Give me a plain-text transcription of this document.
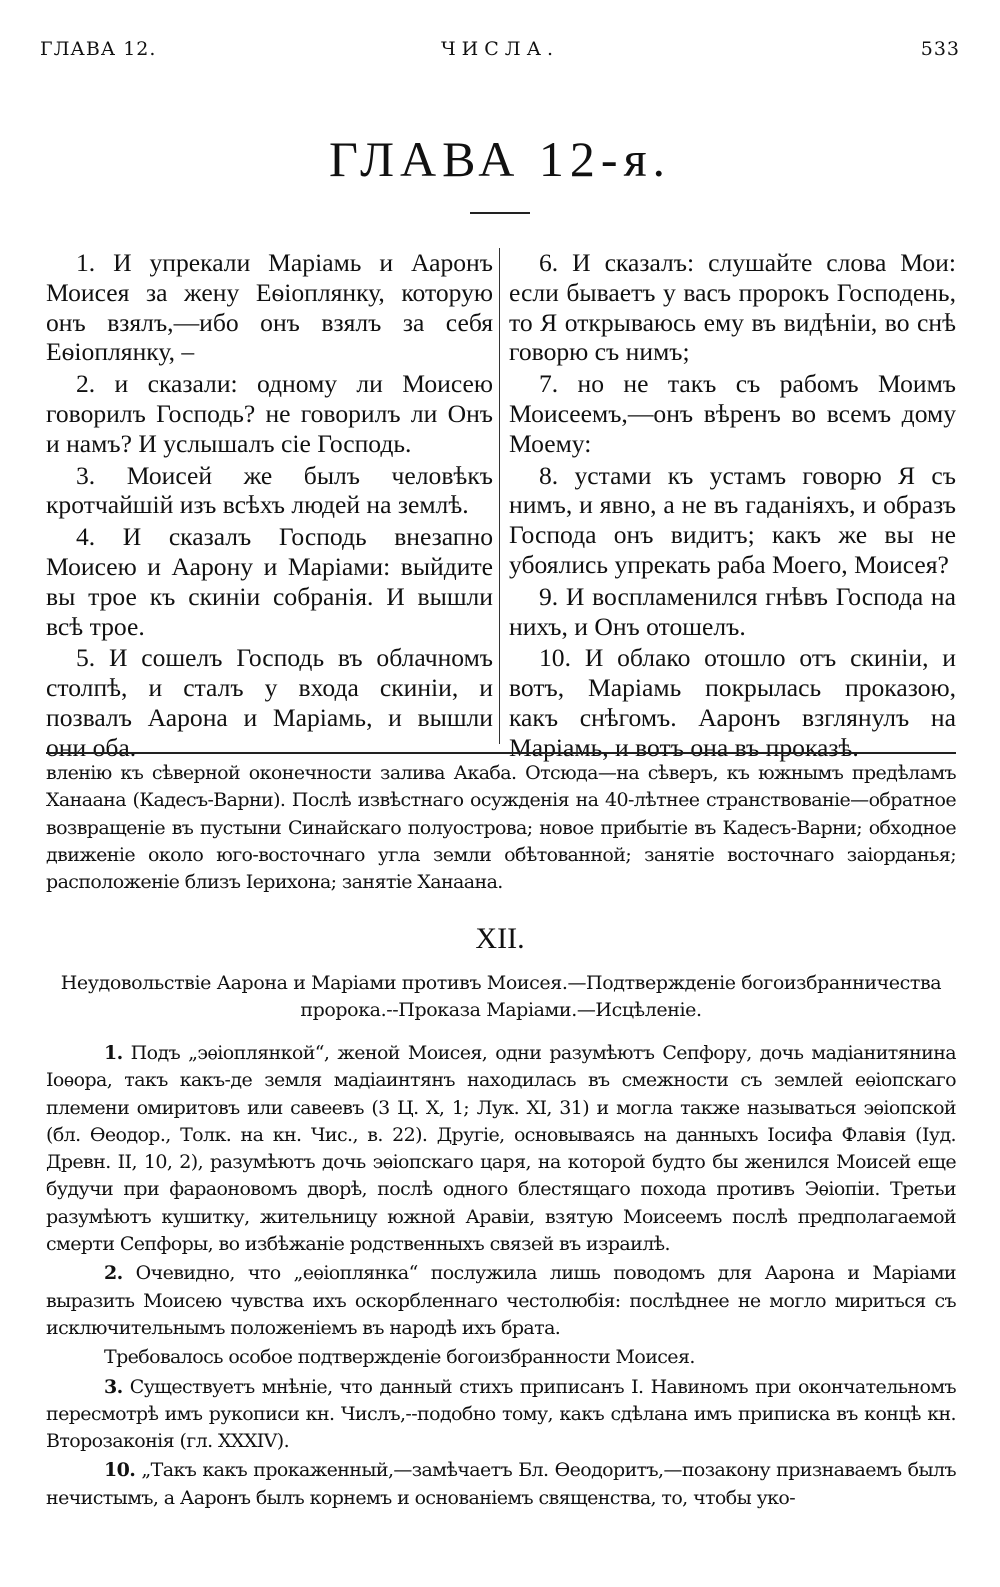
ГЛАВА 12.	ЧИСЛА.	533
ГЛАВА 12-я.

1. И упрекали Маріамь и Ааронъ Моисея за жену Еѳіоплянку, которую онъ взялъ,—ибо онъ взялъ за себя Еѳіоплянку, –

2. и сказали: одному ли Моисею говорилъ Господь? не говорилъ ли Онъ и намъ? И услышалъ сіе Господь.

3. Моисей же былъ человѣкъ кротчайшій изъ всѣхъ людей на землѣ.

4. И сказалъ Господь внезапно Моисею и Аарону и Маріами: выйдите вы трое къ скиніи собранія. И вышли всѣ трое.

5. И сошелъ Господь въ облачномъ столпѣ, и сталъ у входа скиніи, и позвалъ Аарона и Маріамь, и вышли они оба.

6. И сказалъ: слушайте слова Мои: если бываетъ у васъ пророкъ Господень, то Я открываюсь ему въ видѣніи, во снѣ говорю съ нимъ;

7. но не такъ съ рабомъ Моимъ Моисеемъ,—онъ вѣренъ во всемъ дому Моему:

8. устами къ устамъ говорю Я съ нимъ, и явно, а не въ гаданіяхъ, и образъ Господа онъ видитъ; какъ же вы не убоялись упрекать раба Моего, Моисея?

9. И воспламенился гнѣвъ Господа на нихъ, и Онъ отошелъ.

10. И облако отошло отъ скиніи, и вотъ, Маріамь покрылась проказою, какъ снѣгомъ. Ааронъ взглянулъ на Маріамь, и вотъ она въ проказѣ.

вленію къ сѣверной оконечности залива Акаба. Отсюда—на сѣверъ, къ южнымъ предѣламъ Ханаана (Кадесъ-Варни). Послѣ извѣстнаго осужденія на 40-лѣтнее странствованіе—обратное возвращеніе въ пустыни Синайскаго полуострова; новое прибытіе въ Кадесъ-Варни; обходное движеніе около юго-восточнаго угла земли обѣтованной; занятіе восточнаго заіорданья; расположеніе близъ Іерихона; занятіе Ханаана.
XII.
Неудовольствіе Аарона и Маріами противъ Моисея.—Подтвержденіе богоизбранничества пророка.--Проказа Маріами.—Исцѣленіе.

1. Подъ „эѳіоплянкой“, женой Моисея, одни разумѣютъ Сепфору, дочь мадіанитянина Іоѳора, такъ какъ-де земля мадіаинтянъ находилась въ смежности съ землей еѳіопскаго племени омиритовъ или савеевъ (3 Ц. X, 1; Лук. XI, 31) и могла также называться эѳіопской (бл. Ѳеодор., Толк. на кн. Чис., в. 22). Другіе, основываясь на данныхъ Іосифа Флавія (Iуд. Древн. II, 10, 2), разумѣютъ дочь эѳіопскаго царя, на которой будто бы женился Моисей еще будучи при фараоновомъ дворѣ, послѣ одного блестящаго похода противъ Эѳіопіи. Третьи разумѣютъ кушитку, жительницу южной Аравіи, взятую Моисеемъ послѣ предполагаемой смерти Сепфоры, во избѣжаніе родственныхъ связей въ израилѣ.

2. Очевидно, что „еѳіоплянка“ послужила лишь поводомъ для Аарона и Маріами выразить Моисею чувства ихъ оскорбленнаго честолюбія: послѣднее не могло мириться съ исключительнымъ положеніемъ въ народѣ ихъ брата.

Требовалось особое подтвержденіе богоизбранности Моисея.

3. Существуетъ мнѣніе, что данный стихъ приписанъ І. Навиномъ при окончательномъ пересмотрѣ имъ рукописи кн. Числъ,--подобно тому, какъ сдѣлана имъ приписка въ концѣ кн. Второзаконія (гл. XXXIV).

10. „Такъ какъ прокаженный,—замѣчаетъ Бл. Ѳеодоритъ,—позакону признаваемъ былъ нечистымъ, а Ааронъ былъ корнемъ и основаніемъ священства, то, чтобы уко-
